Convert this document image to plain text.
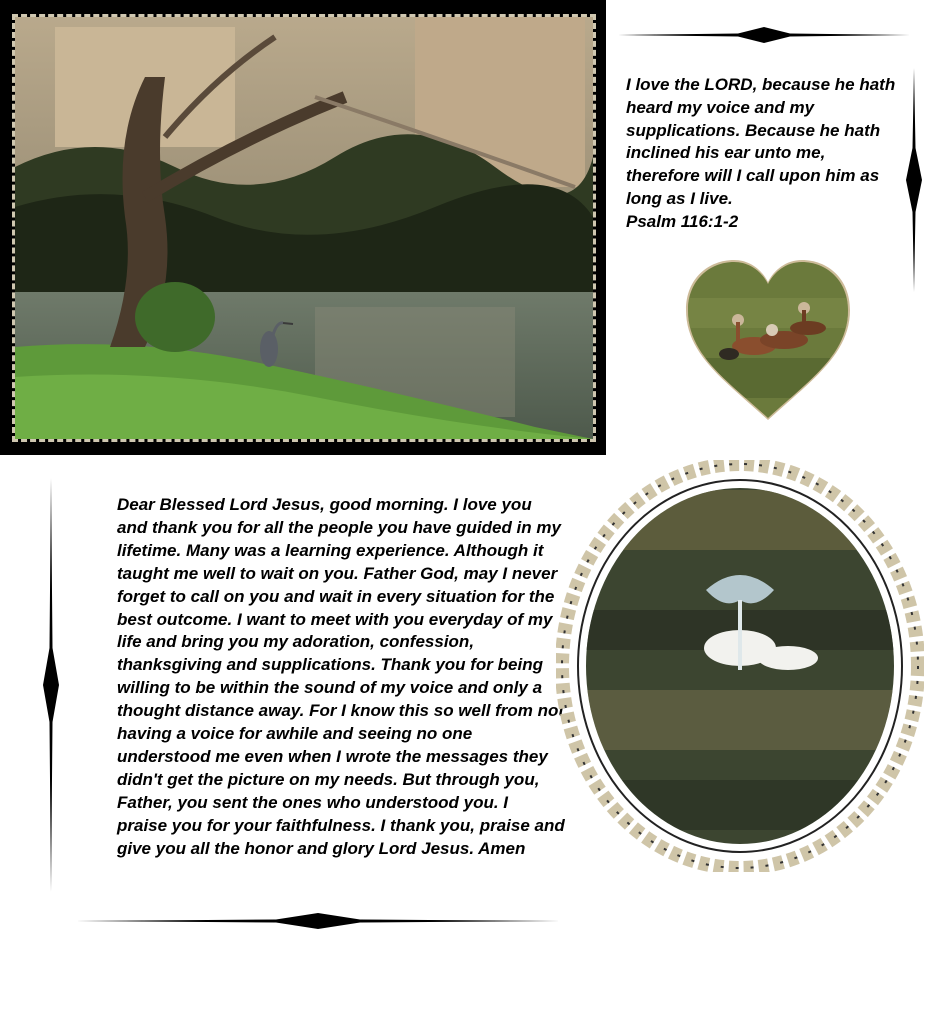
I love the LORD, because he hath
heard my voice and my
supplications. Because he hath
inclined his ear unto me,
therefore will I call upon him as
long as I live.
Psalm 116:1-2
Dear Blessed Lord Jesus, good morning. I love you
and thank you for all the people you have guided in my
lifetime. Many was a learning experience. Although it
taught me well to wait on you. Father God, may I never
forget to call on you and wait in every situation for the
best outcome. I want to meet with you everyday of my
life and bring you my adoration, confession,
thanksgiving and supplications. Thank you for being
willing to be within the sound of my voice and only a
thought distance away. For I know this so well from not
having a voice for awhile and seeing no one
understood me even when I wrote the messages they
didn't get the picture on my needs. But through you,
Father, you sent the ones who understood you. I
praise you for your faithfulness. I thank you, praise and
give you all the honor and glory Lord Jesus. Amen
